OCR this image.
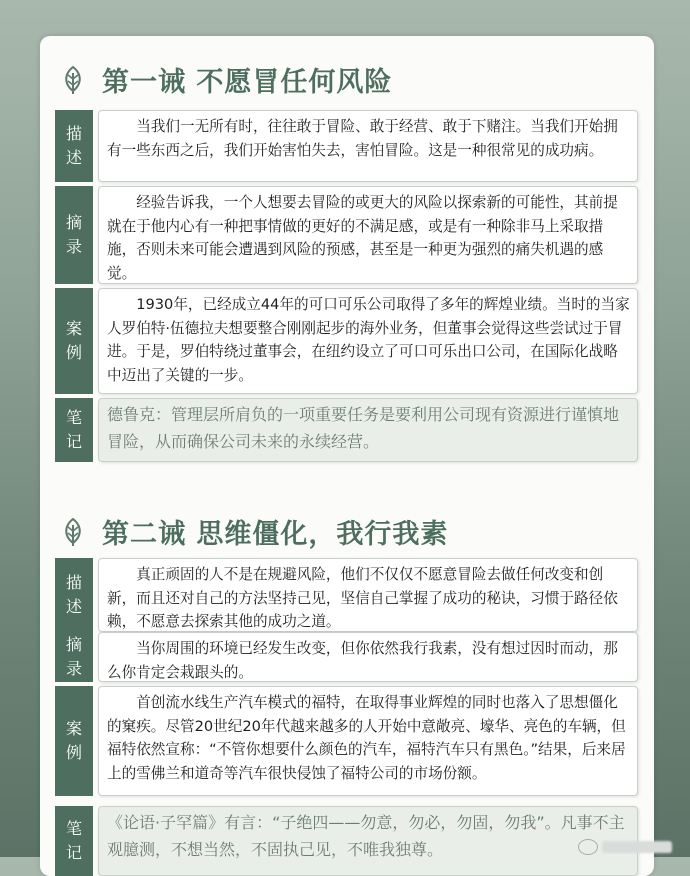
第一诫 不愿冒任何风险
描述
当我们一无所有时，往往敢于冒险、敢于经营、敢于下赌注。当我们开始拥有一些东西之后，我们开始害怕失去，害怕冒险。这是一种很常见的成功病。
摘录
经验告诉我，一个人想要去冒险的或更大的风险以探索新的可能性，其前提就在于他内心有一种把事情做的更好的不满足感，或是有一种除非马上采取措施，否则未来可能会遭遇到风险的预感，甚至是一种更为强烈的痛失机遇的感觉。
案例
1930年，已经成立44年的可口可乐公司取得了多年的辉煌业绩。当时的当家人罗伯特·伍德拉夫想要整合刚刚起步的海外业务，但董事会觉得这些尝试过于冒进。于是，罗伯特绕过董事会，在纽约设立了可口可乐出口公司，在国际化战略中迈出了关键的一步。
笔记
德鲁克：管理层所肩负的一项重要任务是要利用公司现有资源进行谨慎地冒险，从而确保公司未来的永续经营。
第二诫 思维僵化，我行我素
描述
真正顽固的人不是在规避风险，他们不仅仅不愿意冒险去做任何改变和创新，而且还对自己的方法坚持己见，坚信自己掌握了成功的秘诀，习惯于路径依赖，不愿意去探索其他的成功之道。
摘录
当你周围的环境已经发生改变，但你依然我行我素，没有想过因时而动，那么你肯定会栽跟头的。
案例
首创流水线生产汽车模式的福特，在取得事业辉煌的同时也落入了思想僵化的窠疾。尽管20世纪20年代越来越多的人开始中意敞亮、壕华、亮色的车辆，但福特依然宣称：“不管你想要什么颜色的汽车，福特汽车只有黑色。”结果，后来居上的雪佛兰和道奇等汽车很快侵蚀了福特公司的市场份额。
笔记
《论语·子罕篇》有言：“子绝四——勿意，勿必，勿固，勿我”。凡事不主观臆测，不想当然，不固执己见，不唯我独尊。
